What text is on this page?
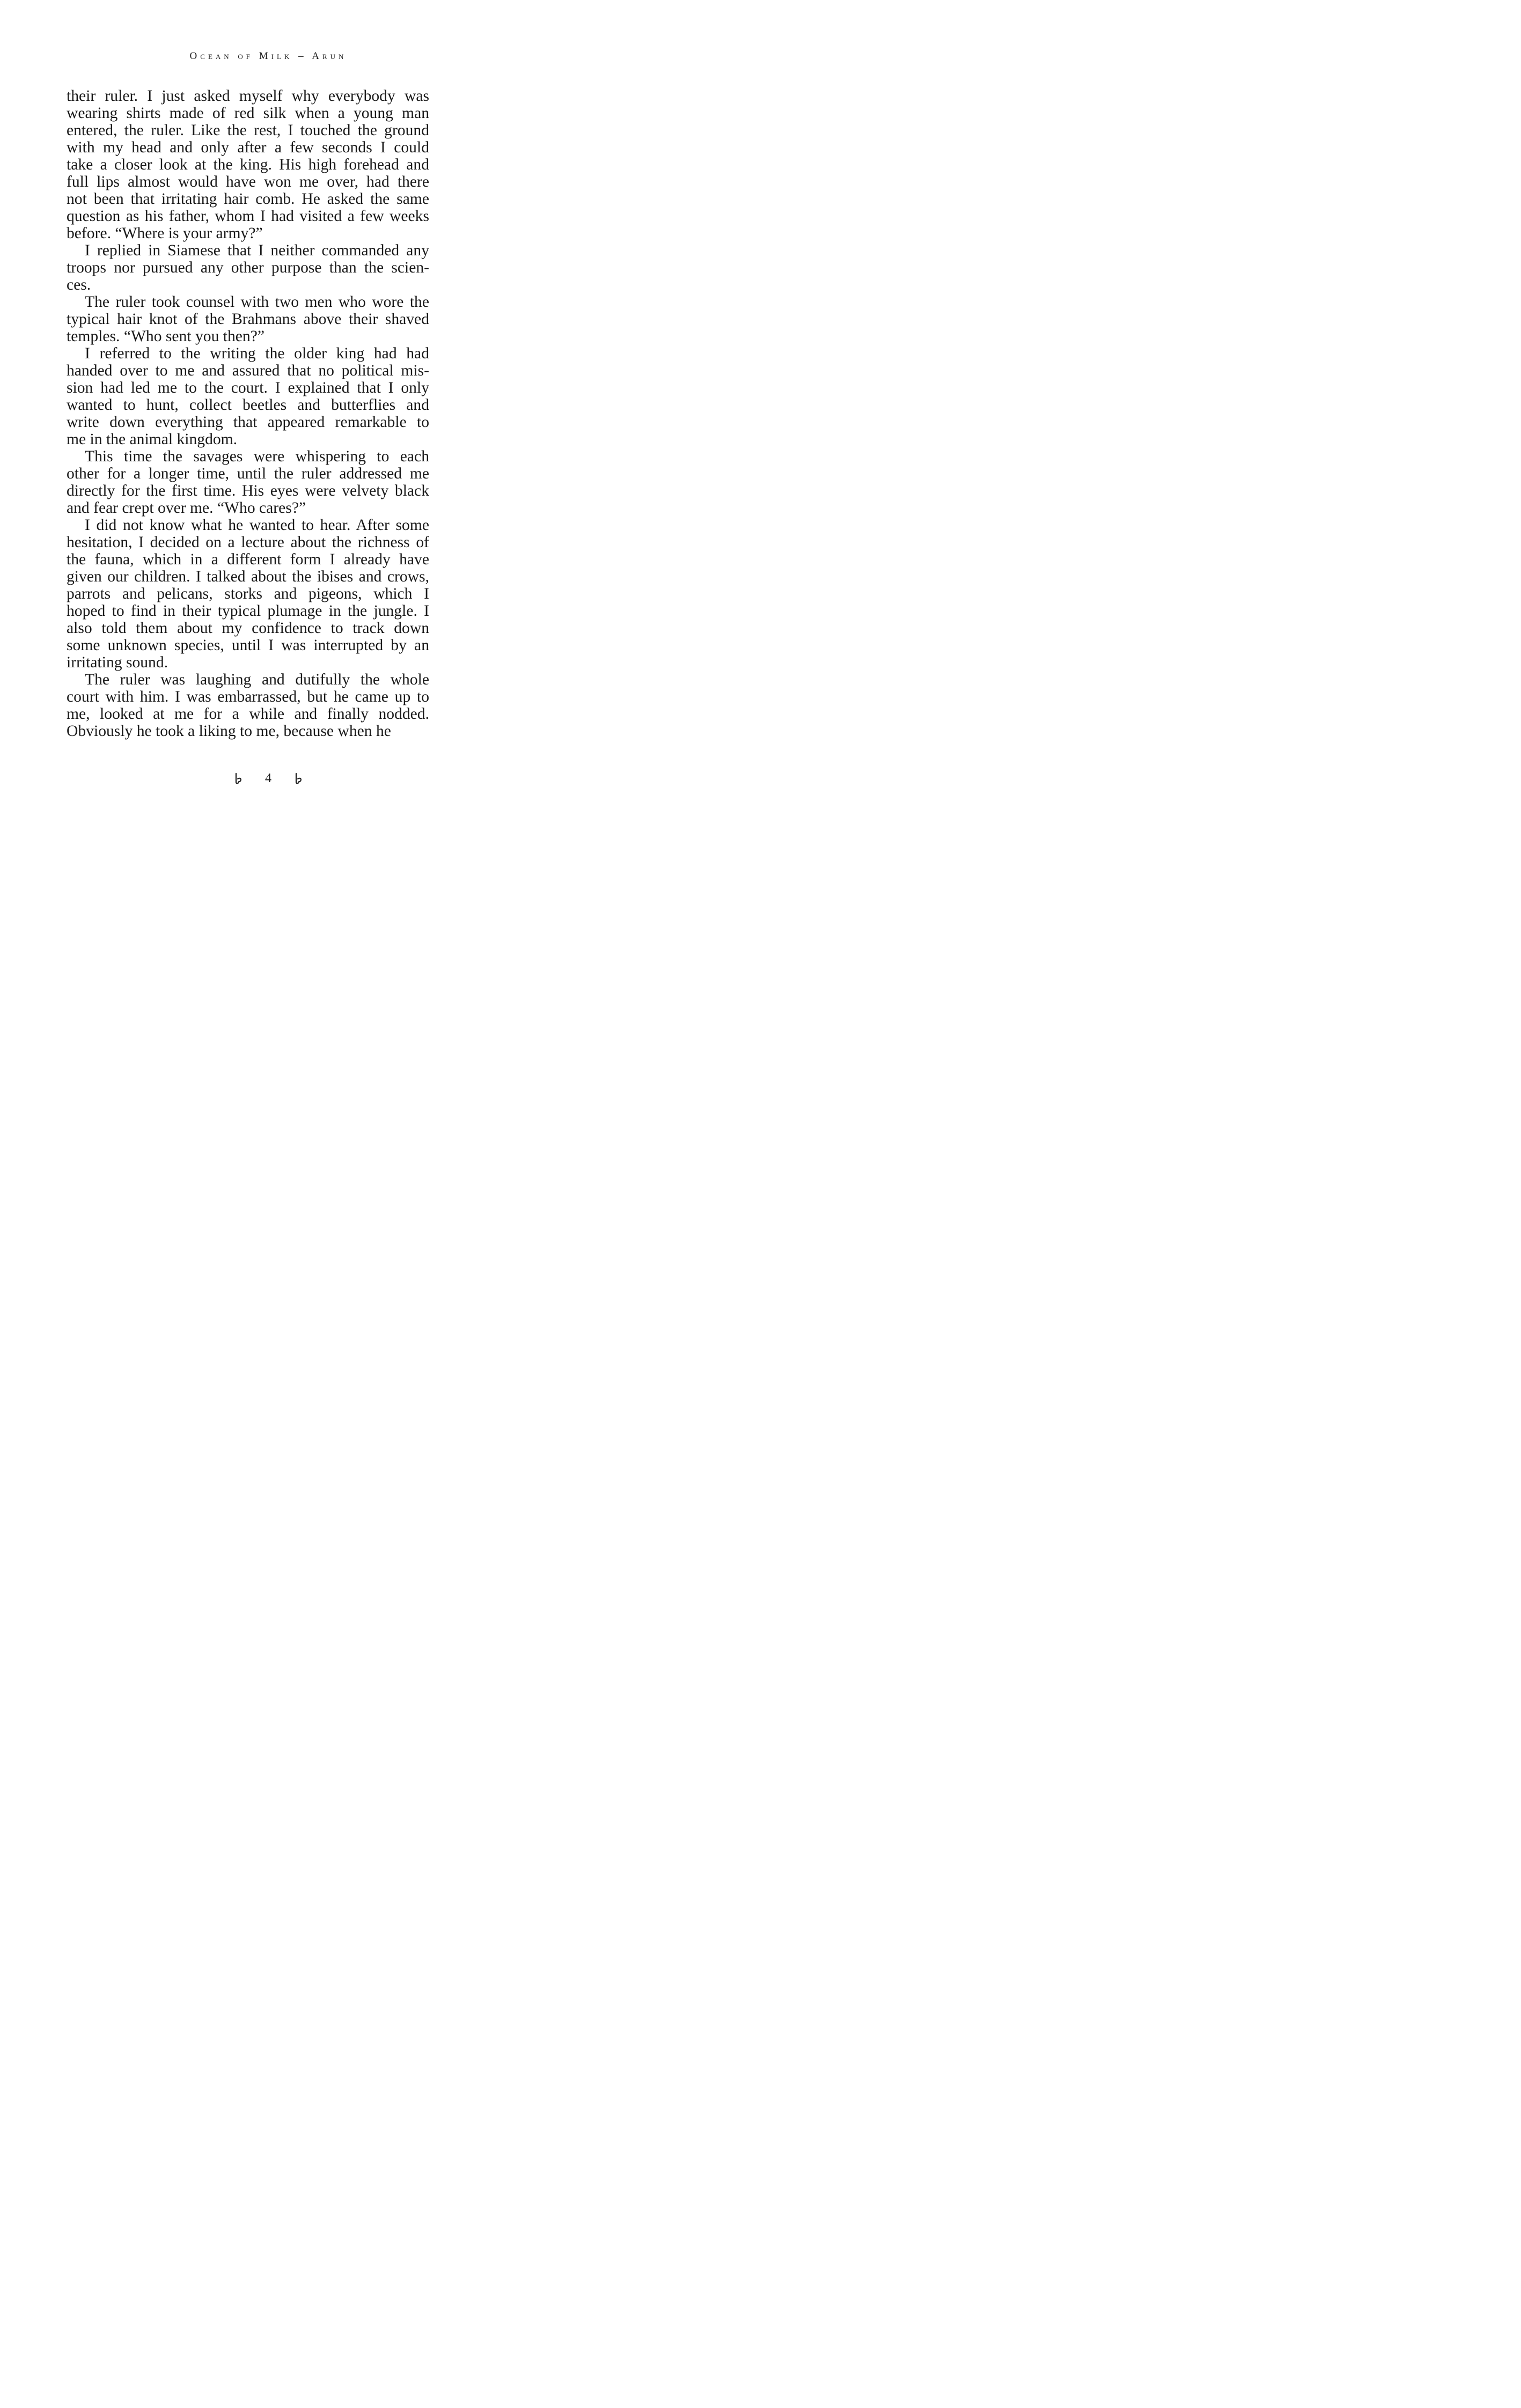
Ocean of Milk – Arun
their ruler. I just asked myself why everybody was
wearing shirts made of red silk when a young man
entered, the ruler. Like the rest, I touched the ground
with my head and only after a few seconds I could
take a closer look at the king. His high forehead and
full lips almost would have won me over, had there
not been that irritating hair comb. He asked the same
question as his father, whom I had visited a few weeks
before. “Where is your army?”
I replied in Siamese that I neither commanded any
troops nor pursued any other purpose than the scien-
ces.
The ruler took counsel with two men who wore the
typical hair knot of the Brahmans above their shaved
temples. “Who sent you then?”
I referred to the writing the older king had had
handed over to me and assured that no political mis-
sion had led me to the court. I explained that I only
wanted to hunt, collect beetles and butterflies and
write down everything that appeared remarkable to
me in the animal kingdom.
This time the savages were whispering to each
other for a longer time, until the ruler addressed me
directly for the first time. His eyes were velvety black
and fear crept over me. “Who cares?”
I did not know what he wanted to hear. After some
hesitation, I decided on a lecture about the richness of
the fauna, which in a different form I already have
given our children. I talked about the ibises and crows,
parrots and pelicans, storks and pigeons, which I
hoped to find in their typical plumage in the jungle. I
also told them about my confidence to track down
some unknown species, until I was interrupted by an
irritating sound.
The ruler was laughing and dutifully the whole
court with him. I was embarrassed, but he came up to
me, looked at me for a while and finally nodded.
Obviously he took a liking to me, because when he
4
